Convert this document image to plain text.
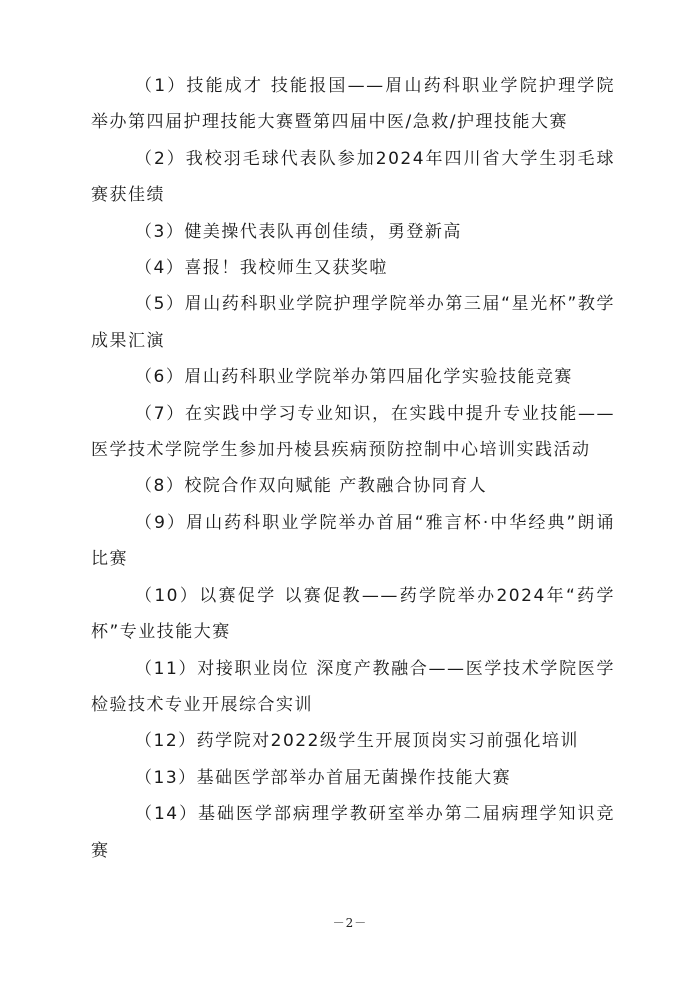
（1）技能成才 技能报国——眉山药科职业学院护理学院举办第四届护理技能大赛暨第四届中医/急救/护理技能大赛

（2）我校羽毛球代表队参加2024年四川省大学生羽毛球赛获佳绩

（3）健美操代表队再创佳绩，勇登新高

（4）喜报！我校师生又获奖啦

（5）眉山药科职业学院护理学院举办第三届“星光杯”教学成果汇演

（6）眉山药科职业学院举办第四届化学实验技能竞赛

（7）在实践中学习专业知识，在实践中提升专业技能——医学技术学院学生参加丹棱县疾病预防控制中心培训实践活动

（8）校院合作双向赋能 产教融合协同育人

（9）眉山药科职业学院举办首届“雅言杯·中华经典”朗诵比赛

（10）以赛促学 以赛促教——药学院举办2024年“药学杯”专业技能大赛

（11）对接职业岗位 深度产教融合——医学技术学院医学检验技术专业开展综合实训

（12）药学院对2022级学生开展顶岗实习前强化培训

（13）基础医学部举办首届无菌操作技能大赛

（14）基础医学部病理学教研室举办第二届病理学知识竞赛

－2－
